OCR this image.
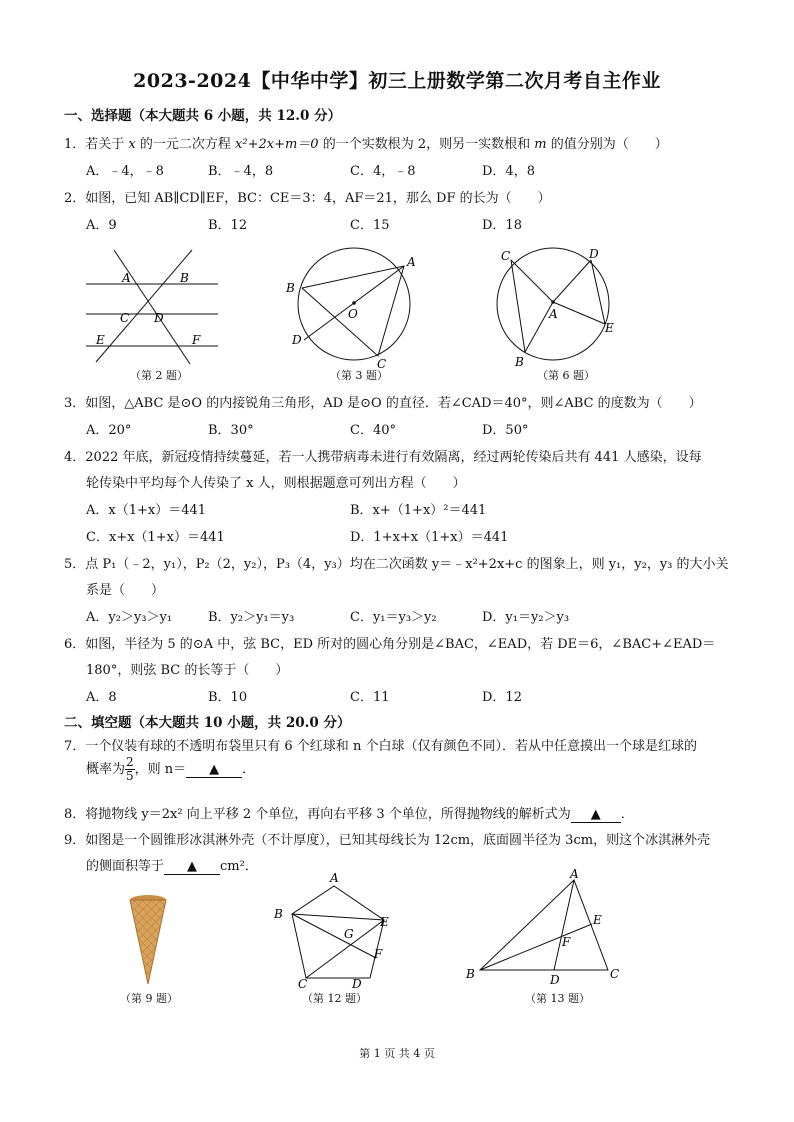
2023-2024【中华中学】初三上册数学第二次月考自主作业
一、选择题（本大题共 6 小题，共 12.0 分）
1．若关于 x 的一元二次方程 x²+2x+m＝0 的一个实数根为 2，则另一实数根和 m 的值分别为（　　）
A．﹣4，﹣8	B．﹣4，8	C．4，﹣8	D．4，8
2．如图，已知 AB∥CD∥EF，BC：CE＝3：4，AF＝21，那么 DF 的长为（　　）
A．9	B．12	C．15	D．18
A	B
C D
E	F
（第 2 题）
A
B
C
D
O
（第 3 题）
C	D
A
E
B
（第 6 题）
3．如图，△ABC 是⊙O 的内接锐角三角形，AD 是⊙O 的直径．若∠CAD＝40°，则∠ABC 的度数为（　　）
A．20°	B．30°	C．40°	D．50°
4．2022 年底，新冠疫情持续蔓延，若一人携带病毒未进行有效隔离，经过两轮传染后共有 441 人感染，设每
轮传染中平均每个人传染了 x 人，则根据题意可列出方程（　　）
A．x（1+x）＝441	B．x+（1+x）²＝441
C．x+x（1+x）＝441	D．1+x+x（1+x）＝441
5．点 P₁（﹣2，y₁），P₂（2，y₂），P₃（4，y₃）均在二次函数 y＝﹣x²+2x+c 的图象上，则 y₁，y₂，y₃ 的大小关
系是（　　）
A．y₂＞y₃＞y₁	B．y₂＞y₁＝y₃	C．y₁＝y₃＞y₂	D．y₁＝y₂＞y₃
6．如图，半径为 5 的⊙A 中，弦 BC，ED 所对的圆心角分别是∠BAC，∠EAD，若 DE＝6，∠BAC+∠EAD＝
180°，则弦 BC 的长等于（　　）
A．8	B．10	C．11	D．12
二、填空题（本大题共 10 小题，共 20.0 分）
7．一个仪装有球的不透明布袋里只有 6 个红球和 n 个白球（仅有颜色不同）．若从中任意摸出一个球是红球的
概率为 $\frac{2}{5}$ ，则 n＝ ▲ ．
8．将抛物线 y＝2x² 向上平移 2 个单位，再向右平移 3 个单位，所得抛物线的解析式为 ▲ ．
9．如图是一个圆锥形冰淇淋外壳（不计厚度），已知其母线长为 12cm，底面圆半径为 3cm，则这个冰淇淋外壳
的侧面积等于 ▲ cm²．
（第 9 题）
A
B
E
G
F
C	D
（第 12 题）
A
B	C
D
E
F
（第 13 题）
第 1 页 共 4 页
